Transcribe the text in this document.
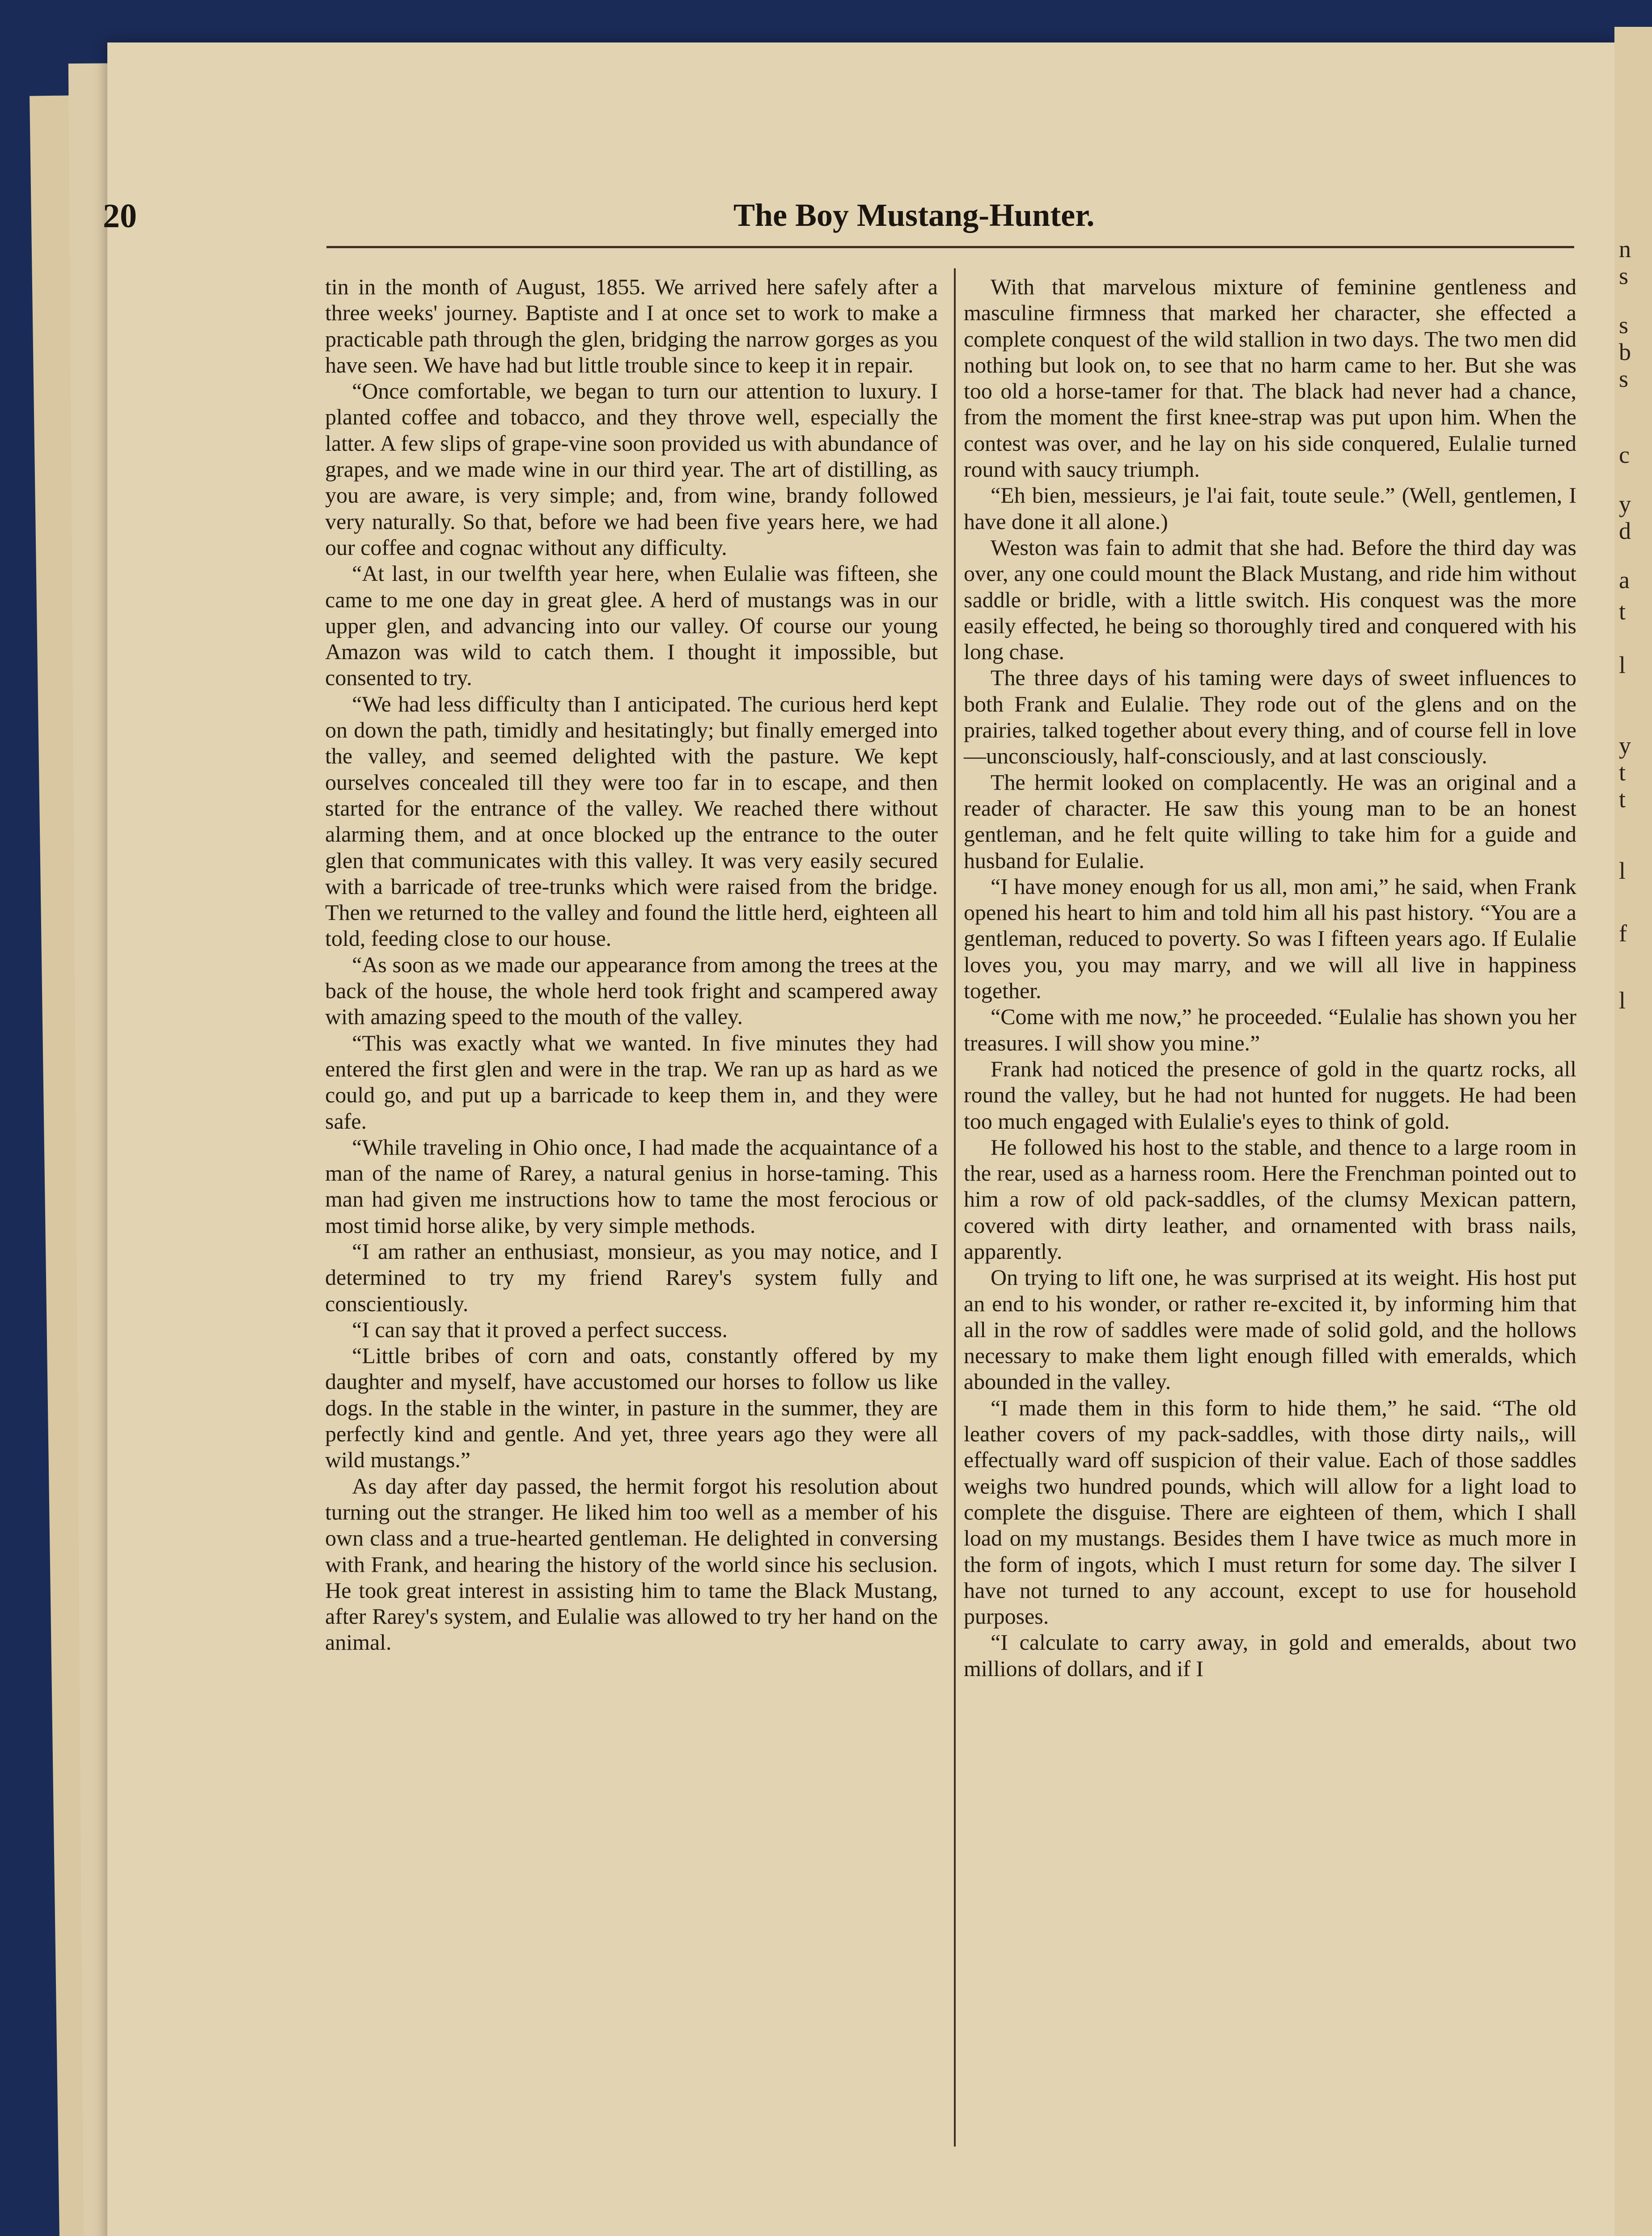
n
s
s
b
s
c
y
d
a
t
l
y
t
t
l
f
l
20	The Boy Mustang-Hunter.

tin in the month of August, 1855. We arrived here safely after a three weeks' journey. Baptiste and I at once set to work to make a practicable path through the glen, bridging the narrow gorges as you have seen. We have had but little trouble since to keep it in repair.

“Once comfortable, we began to turn our attention to luxury. I planted coffee and tobacco, and they throve well, especially the latter. A few slips of grape-vine soon provided us with abundance of grapes, and we made wine in our third year. The art of distilling, as you are aware, is very simple; and, from wine, brandy followed very naturally. So that, before we had been five years here, we had our coffee and cognac without any difficulty.

“At last, in our twelfth year here, when Eulalie was fifteen, she came to me one day in great glee. A herd of mustangs was in our upper glen, and advancing into our valley. Of course our young Amazon was wild to catch them. I thought it impossible, but consented to try.

“We had less difficulty than I anticipated. The curious herd kept on down the path, timidly and hesitatingly; but finally emerged into the valley, and seemed delighted with the pasture. We kept ourselves concealed till they were too far in to escape, and then started for the entrance of the valley. We reached there without alarming them, and at once blocked up the entrance to the outer glen that communicates with this valley. It was very easily secured with a barricade of tree-trunks which were raised from the bridge. Then we returned to the valley and found the little herd, eighteen all told, feeding close to our house.

“As soon as we made our appearance from among the trees at the back of the house, the whole herd took fright and scampered away with amazing speed to the mouth of the valley.

“This was exactly what we wanted. In five minutes they had entered the first glen and were in the trap. We ran up as hard as we could go, and put up a barricade to keep them in, and they were safe.

“While traveling in Ohio once, I had made the acquaintance of a man of the name of Rarey, a natural genius in horse-taming. This man had given me instructions how to tame the most ferocious or most timid horse alike, by very simple methods.

“I am rather an enthusiast, monsieur, as you may notice, and I determined to try my friend Rarey's system fully and conscientiously.

“I can say that it proved a perfect success.

“Little bribes of corn and oats, constantly offered by my daughter and myself, have accustomed our horses to follow us like dogs. In the stable in the winter, in pasture in the summer, they are perfectly kind and gentle. And yet, three years ago they were all wild mustangs.”

As day after day passed, the hermit forgot his resolution about turning out the stranger. He liked him too well as a member of his own class and a true-hearted gentleman. He delighted in conversing with Frank, and hearing the history of the world since his seclusion. He took great interest in assisting him to tame the Black Mustang, after Rarey's system, and Eulalie was allowed to try her hand on the animal.

With that marvelous mixture of feminine gentleness and masculine firmness that marked her character, she effected a complete conquest of the wild stallion in two days. The two men did nothing but look on, to see that no harm came to her. But she was too old a horse-tamer for that. The black had never had a chance, from the moment the first knee-strap was put upon him. When the contest was over, and he lay on his side conquered, Eulalie turned round with saucy triumph.

“Eh bien, messieurs, je l'ai fait, toute seule.” (Well, gentlemen, I have done it all alone.)

Weston was fain to admit that she had. Before the third day was over, any one could mount the Black Mustang, and ride him without saddle or bridle, with a little switch. His conquest was the more easily effected, he being so thoroughly tired and conquered with his long chase.

The three days of his taming were days of sweet influences to both Frank and Eulalie. They rode out of the glens and on the prairies, talked together about every thing, and of course fell in love—unconsciously, half-consciously, and at last consciously.

The hermit looked on complacently. He was an original and a reader of character. He saw this young man to be an honest gentleman, and he felt quite willing to take him for a guide and husband for Eulalie.

“I have money enough for us all, mon ami,” he said, when Frank opened his heart to him and told him all his past history. “You are a gentleman, reduced to poverty. So was I fifteen years ago. If Eulalie loves you, you may marry, and we will all live in happiness together.

“Come with me now,” he proceeded. “Eulalie has shown you her treasures. I will show you mine.”

Frank had noticed the presence of gold in the quartz rocks, all round the valley, but he had not hunted for nuggets. He had been too much engaged with Eulalie's eyes to think of gold.

He followed his host to the stable, and thence to a large room in the rear, used as a harness room. Here the Frenchman pointed out to him a row of old pack-saddles, of the clumsy Mexican pattern, covered with dirty leather, and ornamented with brass nails, apparently.

On trying to lift one, he was surprised at its weight. His host put an end to his wonder, or rather re-excited it, by informing him that all in the row of saddles were made of solid gold, and the hollows necessary to make them light enough filled with emeralds, which abounded in the valley.

“I made them in this form to hide them,” he said. “The old leather covers of my pack-saddles, with those dirty nails,, will effectually ward off suspicion of their value. Each of those saddles weighs two hundred pounds, which will allow for a light load to complete the disguise. There are eighteen of them, which I shall load on my mustangs. Besides them I have twice as much more in the form of ingots, which I must return for some day. The silver I have not turned to any account, except to use for household purposes.

“I calculate to carry away, in gold and emeralds, about two millions of dollars, and if I
